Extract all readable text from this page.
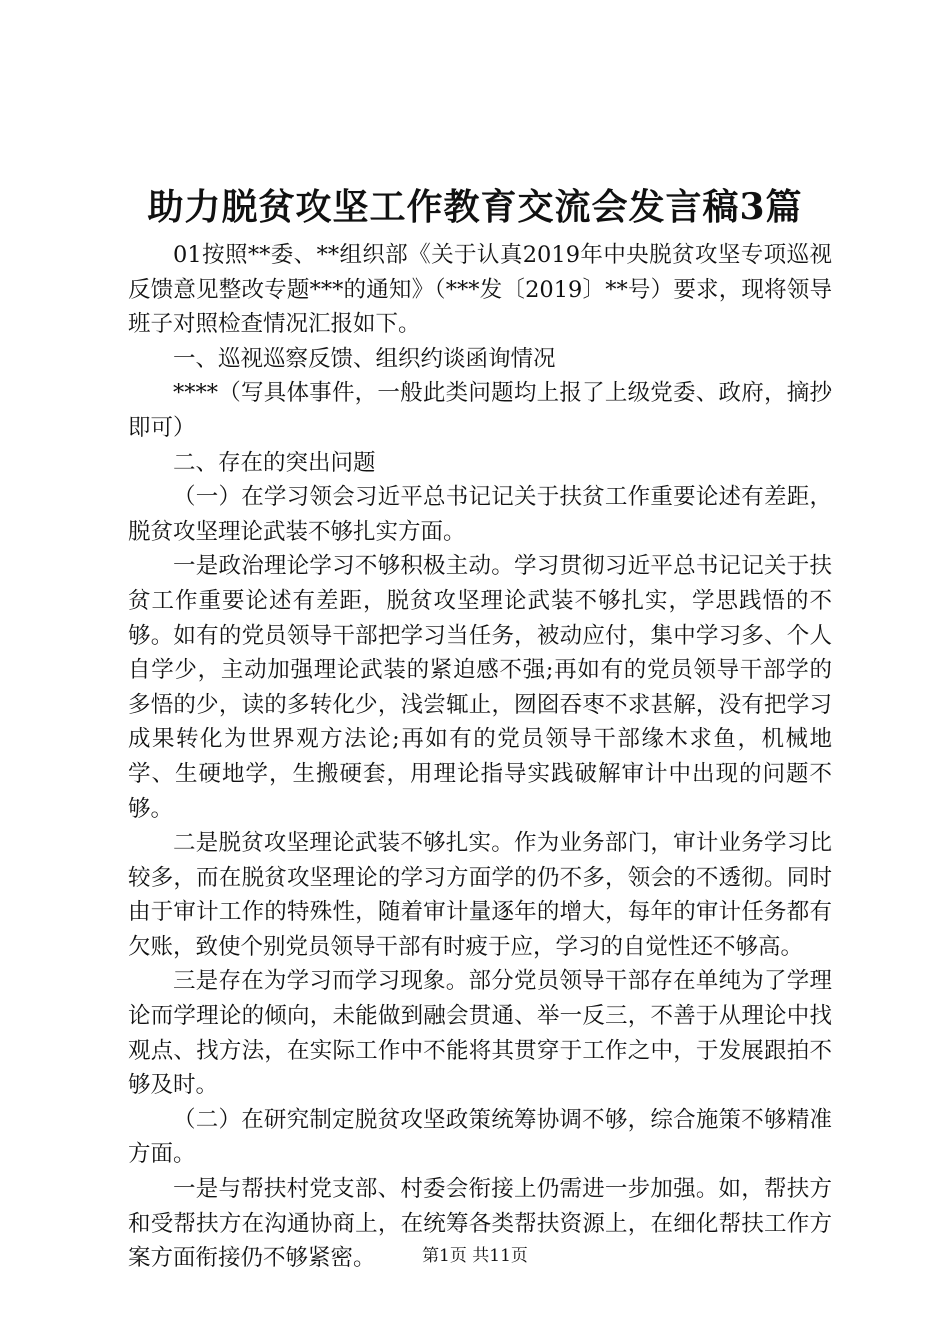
助力脱贫攻坚工作教育交流会发言稿3篇

01按照**委、**组织部《关于认真2019年中央脱贫攻坚专项巡视反馈意见整改专题***的通知》（***发〔2019〕**号）要求，现将领导班子对照检查情况汇报如下。

一、巡视巡察反馈、组织约谈函询情况

****（写具体事件，一般此类问题均上报了上级党委、政府，摘抄即可）

二、存在的突出问题

（一）在学习领会习近平总书记记关于扶贫工作重要论述有差距，脱贫攻坚理论武装不够扎实方面。

一是政治理论学习不够积极主动。学习贯彻习近平总书记记关于扶贫工作重要论述有差距，脱贫攻坚理论武装不够扎实，学思践悟的不够。如有的党员领导干部把学习当任务，被动应付，集中学习多、个人自学少，主动加强理论武装的紧迫感不强;再如有的党员领导干部学的多悟的少，读的多转化少，浅尝辄止，囫囵吞枣不求甚解，没有把学习成果转化为世界观方法论;再如有的党员领导干部缘木求鱼，机械地学、生硬地学，生搬硬套，用理论指导实践破解审计中出现的问题不够。

二是脱贫攻坚理论武装不够扎实。作为业务部门，审计业务学习比较多，而在脱贫攻坚理论的学习方面学的仍不多，领会的不透彻。同时由于审计工作的特殊性，随着审计量逐年的增大，每年的审计任务都有欠账，致使个别党员领导干部有时疲于应，学习的自觉性还不够高。

三是存在为学习而学习现象。部分党员领导干部存在单纯为了学理论而学理论的倾向，未能做到融会贯通、举一反三，不善于从理论中找观点、找方法，在实际工作中不能将其贯穿于工作之中，于发展跟拍不够及时。

（二）在研究制定脱贫攻坚政策统筹协调不够，综合施策不够精准方面。

一是与帮扶村党支部、村委会衔接上仍需进一步加强。如，帮扶方和受帮扶方在沟通协商上，在统筹各类帮扶资源上，在细化帮扶工作方案方面衔接仍不够紧密。	第1页 共11页
